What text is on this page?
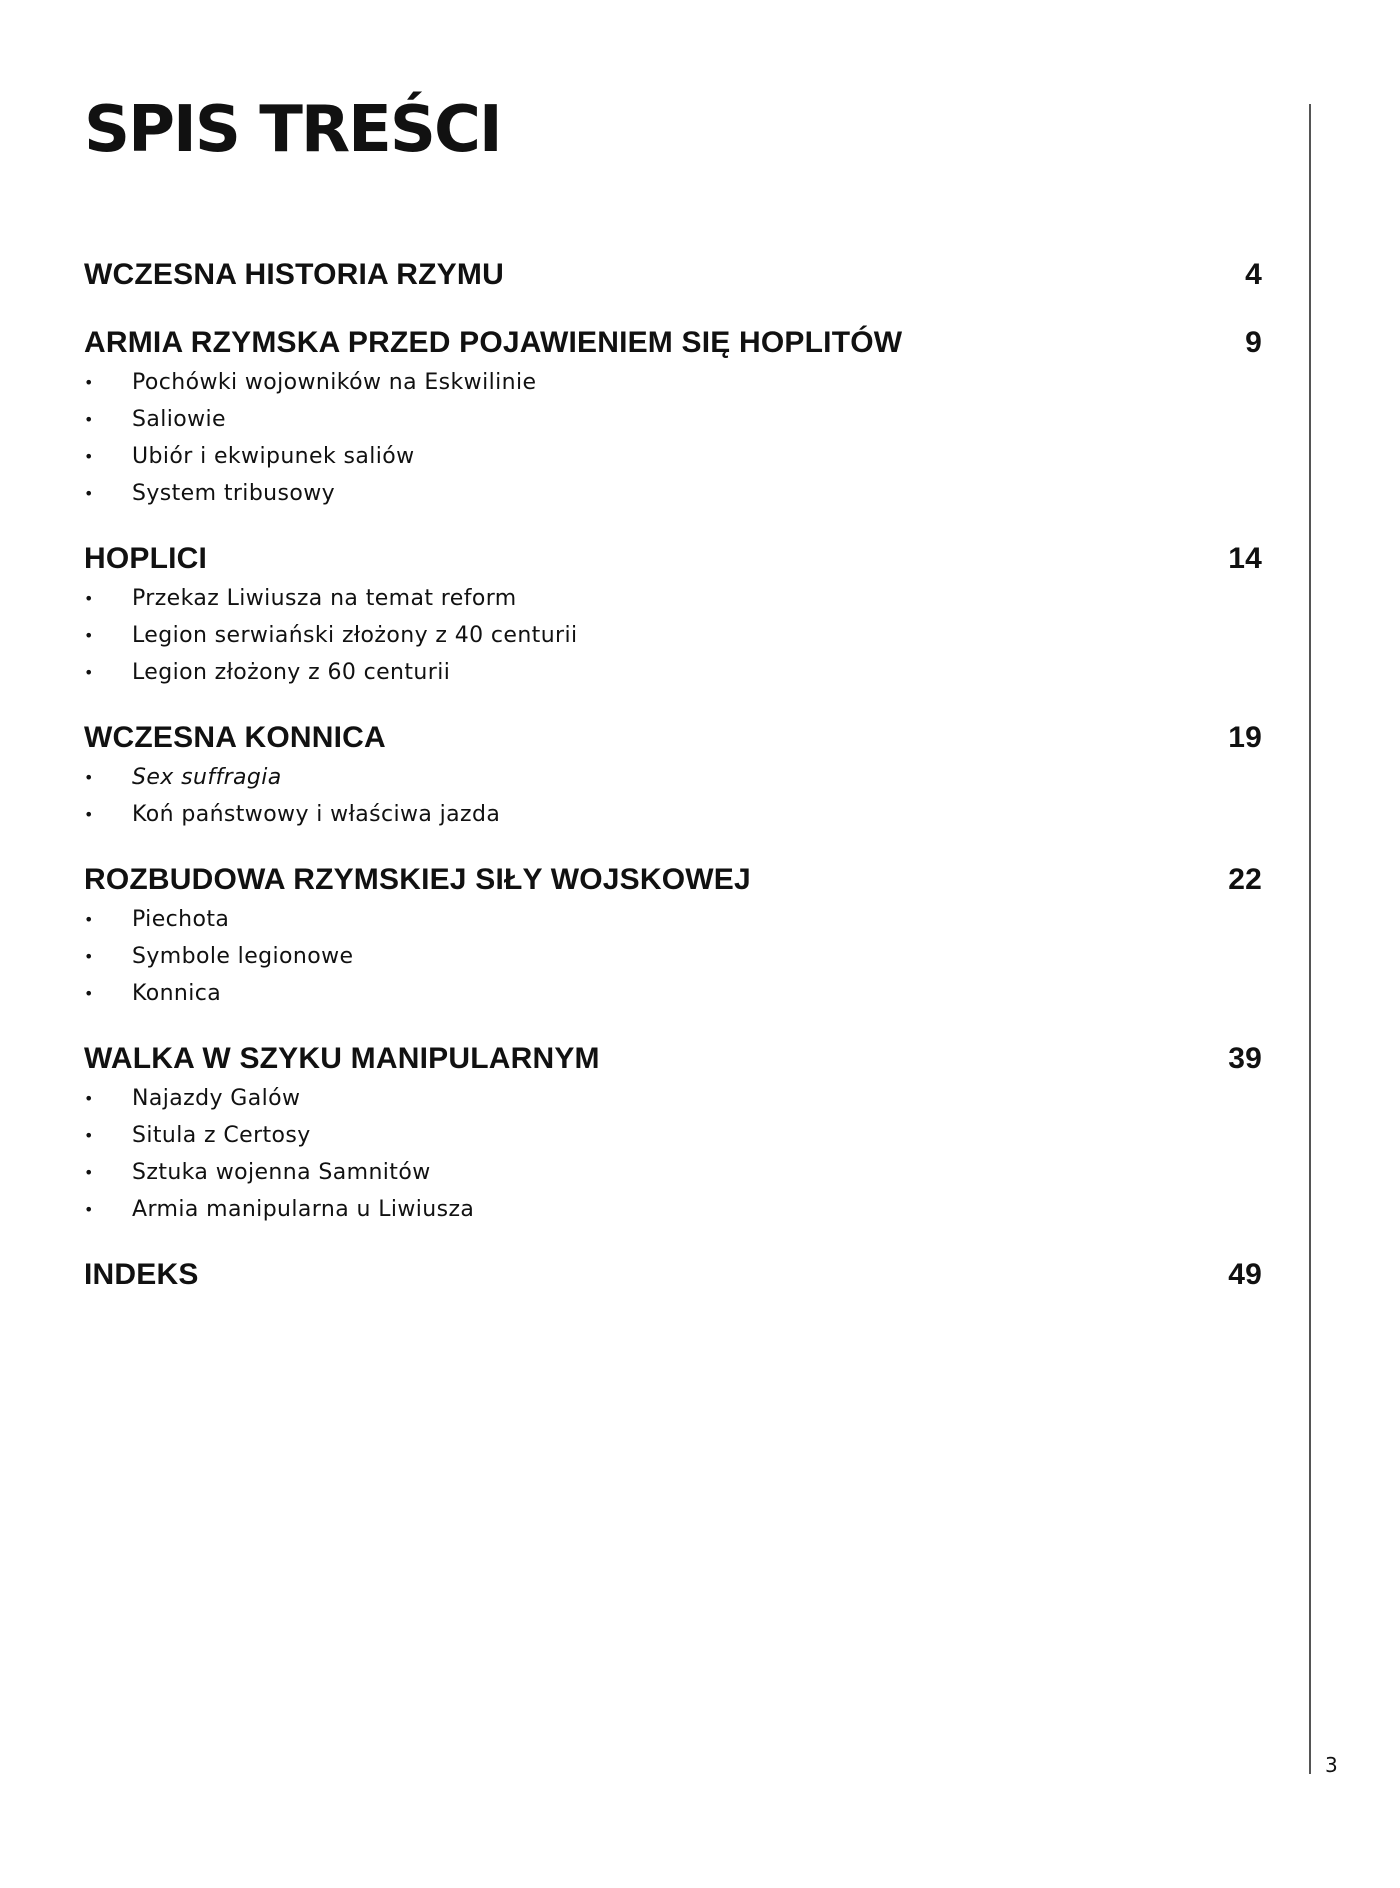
SPIS TREŚCI
WCZESNA HISTORIA RZYMU	4
ARMIA RZYMSKA PRZED POJAWIENIEM SIĘ HOPLITÓW	9
• Pochówki wojowników na Eskwilinie
• Saliowie
• Ubiór i ekwipunek saliów
• System tribusowy
HOPLICI	14
• Przekaz Liwiusza na temat reform
• Legion serwiański złożony z 40 centurii
• Legion złożony z 60 centurii
WCZESNA KONNICA	19
• Sex suffragia
• Koń państwowy i właściwa jazda
ROZBUDOWA RZYMSKIEJ SIŁY WOJSKOWEJ	22
• Piechota
• Symbole legionowe
• Konnica
WALKA W SZYKU MANIPULARNYM	39
• Najazdy Galów
• Situla z Certosy
• Sztuka wojenna Samnitów
• Armia manipularna u Liwiusza
INDEKS	49
3
